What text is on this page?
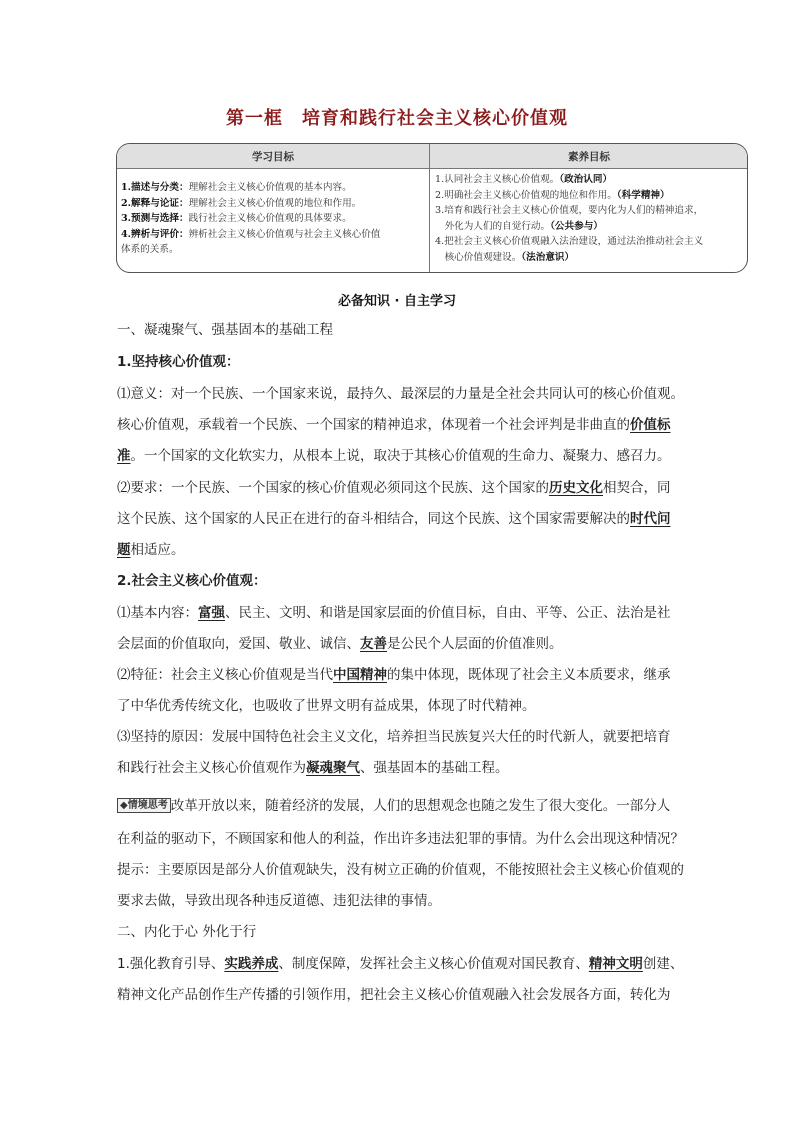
第一框　培育和践行社会主义核心价值观
学习目标	素养目标
1.描述与分类：理解社会主义核心价值观的基本内容。
2.解释与论证：理解社会主义核心价值观的地位和作用。
3.预测与选择：践行社会主义核心价值观的具体要求。
4.辨析与评价：辨析社会主义核心价值观与社会主义核心价值
体系的关系。
1.认同社会主义核心价值观。（政治认同）
2.明确社会主义核心价值观的地位和作用。（科学精神）
3.培育和践行社会主义核心价值观，要内化为人们的精神追求，
　外化为人们的自觉行动。（公共参与）
4.把社会主义核心价值观融入法治建设，通过法治推动社会主义
　核心价值观建设。（法治意识）
必备知识 · 自主学习
一、凝魂聚气、强基固本的基础工程
1.坚持核心价值观：
⑴意义：对一个民族、一个国家来说，最持久、最深层的力量是全社会共同认可的核心价值观。
核心价值观，承载着一个民族、一个国家的精神追求，体现着一个社会评判是非曲直的价值标
准。一个国家的文化软实力，从根本上说，取决于其核心价值观的生命力、凝聚力、感召力。
⑵要求：一个民族、一个国家的核心价值观必须同这个民族、这个国家的历史文化相契合，同
这个民族、这个国家的人民正在进行的奋斗相结合，同这个民族、这个国家需要解决的时代问
题相适应。
2.社会主义核心价值观：
⑴基本内容：富强、民主、文明、和谐是国家层面的价值目标，自由、平等、公正、法治是社
会层面的价值取向，爱国、敬业、诚信、友善是公民个人层面的价值准则。
⑵特征：社会主义核心价值观是当代中国精神的集中体现，既体现了社会主义本质要求，继承
了中华优秀传统文化，也吸收了世界文明有益成果，体现了时代精神。
⑶坚持的原因：发展中国特色社会主义文化，培养担当民族复兴大任的时代新人，就要把培育
和践行社会主义核心价值观作为凝魂聚气、强基固本的基础工程。
◆情境思考 改革开放以来，随着经济的发展，人们的思想观念也随之发生了很大变化。一部分人
在利益的驱动下，不顾国家和他人的利益，作出许多违法犯罪的事情。为什么会出现这种情况？
提示：主要原因是部分人价值观缺失，没有树立正确的价值观，不能按照社会主义核心价值观的
要求去做，导致出现各种违反道德、违犯法律的事情。
二、内化于心 外化于行
1.强化教育引导、实践养成、制度保障，发挥社会主义核心价值观对国民教育、精神文明创建、
精神文化产品创作生产传播的引领作用，把社会主义核心价值观融入社会发展各方面，转化为
